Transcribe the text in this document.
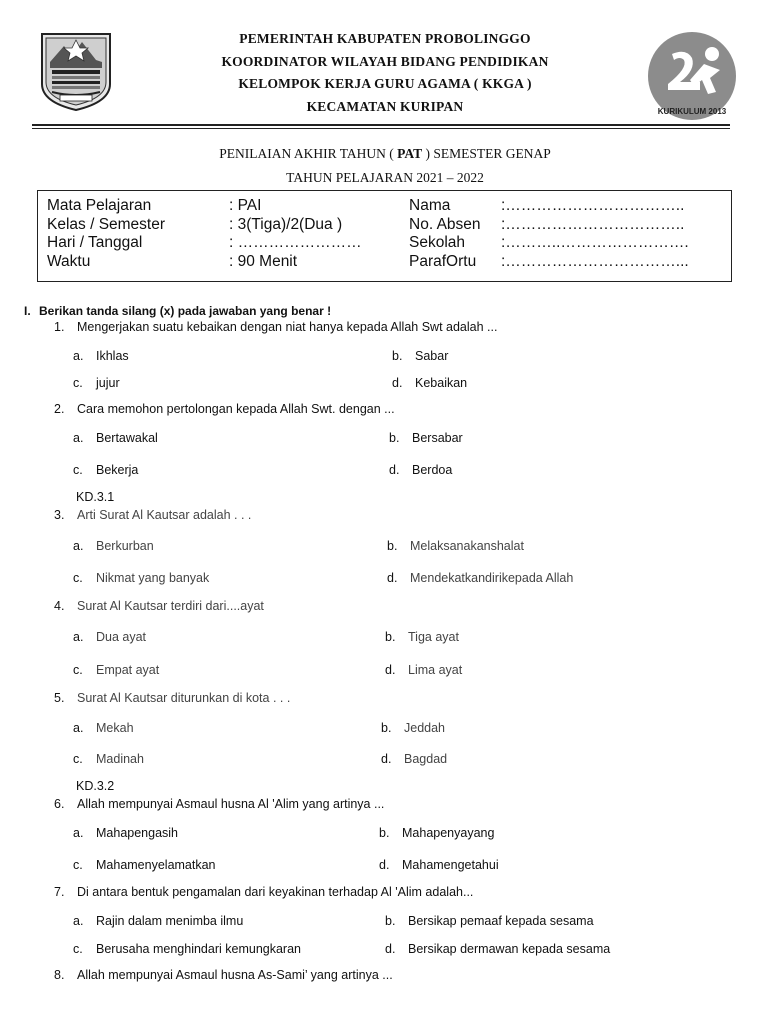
KURIKULUM 2013
PEMERINTAH KABUPATEN PROBOLINGGO
KOORDINATOR WILAYAH BIDANG PENDIDIKAN
KELOMPOK KERJA GURU AGAMA ( KKGA )
KECAMATAN KURIPAN
PENILAIAN AKHIR TAHUN ( PAT ) SEMESTER GENAP
TAHUN PELAJARAN 2021 – 2022
Mata Pelajaran	: PAI	Nama	:……………………………..
Kelas / Semester	: 3(Tiga)/2(Dua )	No. Absen :……………………………..
Hari / Tanggal	: ……………………	Sekolah :………..…………………….
Waktu	: 90 Menit	ParafOrtu :……………………………...
I. Berikan tanda silang (x) pada jawaban yang benar !
1. Mengerjakan suatu kebaikan dengan niat hanya kepada Allah Swt adalah ...
a. Ikhlas	b. Sabar
c. jujur	d. Kebaikan
2. Cara memohon pertolongan kepada Allah Swt. dengan ...
a. Bertawakal	b. Bersabar
c. Bekerja	d. Berdoa
KD.3.1
3. Arti Surat Al Kautsar adalah . . .
a. Berkurban	b. Melaksanakanshalat
c. Nikmat yang banyak	d. Mendekatkandirikepada Allah
4. Surat Al Kautsar terdiri dari....ayat
a. Dua ayat	b. Tiga ayat
c. Empat ayat	d. Lima ayat
5. Surat Al Kautsar diturunkan di kota . . .
a. Mekah	b. Jeddah
c. Madinah	d. Bagdad
KD.3.2
6. Allah mempunyai Asmaul husna Al 'Alim yang artinya ...
a. Mahapengasih	b. Mahapenyayang
c. Mahamenyelamatkan	d. Mahamengetahui
7. Di antara bentuk pengamalan dari keyakinan terhadap Al 'Alim adalah...
a. Rajin dalam menimba ilmu	b. Bersikap pemaaf kepada sesama
c. Berusaha menghindari kemungkaran	d. Bersikap dermawan kepada sesama
8. Allah mempunyai Asmaul husna As-Sami’ yang artinya ...
